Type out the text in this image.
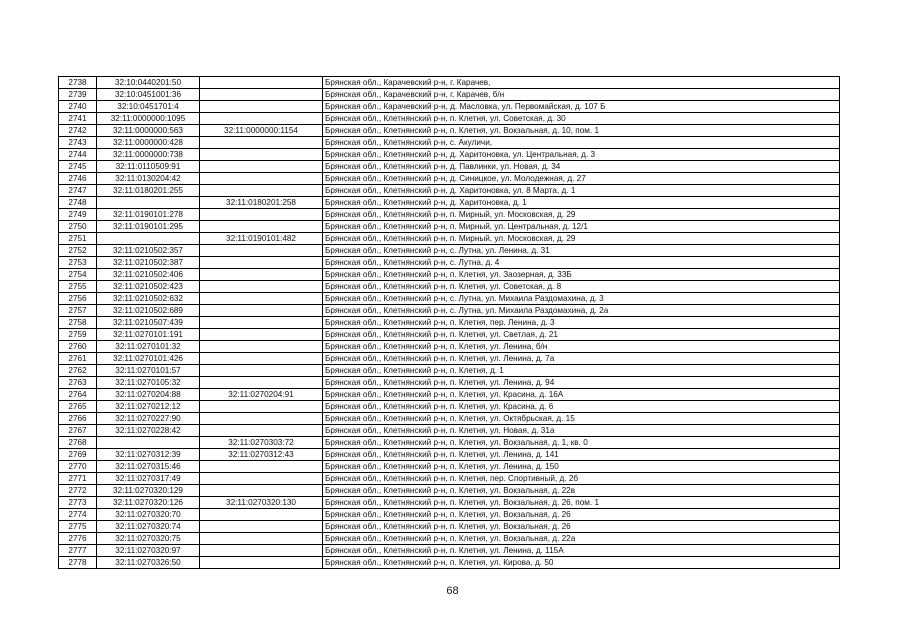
2738	32:10:0440201:50		Брянская обл., Карачевский р-н, г. Карачев,
2739	32:10:0451001:36		Брянская обл., Карачевский р-н, г. Карачев, б/н
2740	32:10:0451701:4		Брянская обл., Карачевский р-н, д. Масловка, ул. Первомайская, д. 107 Б
2741	32:11:0000000:1095		Брянская обл., Клетнянский р-н, п. Клетня, ул. Советская, д. 30
2742	32:11:0000000:563	32:11:0000000:1154	Брянская обл., Клетнянский р-н, п. Клетня, ул. Вокзальная, д. 10, пом. 1
2743	32:11:0000000:428		Брянская обл., Клетнянский р-н, с. Акуличи,
2744	32:11:0000000:738		Брянская обл., Клетнянский р-н, д. Харитоновка, ул. Центральная, д. 3
2745	32:11:0110509:91		Брянская обл., Клетнянский р-н, д. Павлинки, ул. Новая, д. 34
2746	32:11:0130204:42		Брянская обл., Клетнянский р-н, д. Синицкое, ул. Молодежная, д. 27
2747	32:11:0180201:255		Брянская обл., Клетнянский р-н, д. Харитоновка, ул. 8 Марта, д. 1
2748		32:11:0180201:258	Брянская обл., Клетнянский р-н, д. Харитоновка, д. 1
2749	32:11:0190101:278		Брянская обл., Клетнянский р-н, п. Мирный, ул. Московская, д. 29
2750	32:11:0190101:295		Брянская обл., Клетнянский р-н, п. Мирный, ул. Центральная, д. 12/1
2751		32:11:0190101:482	Брянская обл., Клетнянский р-н, п. Мирный, ул. Московская, д. 29
2752	32:11:0210502:357		Брянская обл., Клетнянский р-н, с. Лутна, ул. Ленина, д. 31
2753	32:11:0210502:387		Брянская обл., Клетнянский р-н, с. Лутна, д. 4
2754	32:11:0210502:406		Брянская обл., Клетнянский р-н, п. Клетня, ул. Заозерная, д. 33Б
2755	32:11:0210502:423		Брянская обл., Клетнянский р-н, п. Клетня, ул. Советская, д. 8
2756	32:11:0210502:632		Брянская обл., Клетнянский р-н, с. Лутна, ул. Михаила Раздомахина, д. 3
2757	32:11:0210502:689		Брянская обл., Клетнянский р-н, с. Лутна, ул. Михаила Раздомахина, д. 2а
2758	32:11:0210507:439		Брянская обл., Клетнянский р-н, п. Клетня, пер. Ленина, д. 3
2759	32:11:0270101:191		Брянская обл., Клетнянский р-н, п. Клетня, ул. Светлая, д. 21
2760	32:11:0270101:32		Брянская обл., Клетнянский р-н, п. Клетня, ул. Ленина, б/н
2761	32:11:0270101:426		Брянская обл., Клетнянский р-н, п. Клетня, ул. Ленина, д. 7а
2762	32:11:0270101:57		Брянская обл., Клетнянский р-н, п. Клетня, д. 1
2763	32:11:0270105:32		Брянская обл., Клетнянский р-н, п. Клетня, ул. Ленина, д. 94
2764	32:11:0270204:88	32:11:0270204:91	Брянская обл., Клетнянский р-н, п. Клетня, ул. Красина, д. 16А
2765	32:11:0270212:12		Брянская обл., Клетнянский р-н, п. Клетня, ул. Красина, д. 6
2766	32:11:0270227:90		Брянская обл., Клетнянский р-н, п. Клетня, ул. Октябрьская, д. 15
2767	32:11:0270228:42		Брянская обл., Клетнянский р-н, п. Клетня, ул. Новая, д. 31а
2768		32:11:0270303:72	Брянская обл., Клетнянский р-н, п. Клетня, ул. Вокзальная, д. 1, кв. 0
2769	32:11:0270312:39	32:11:0270312:43	Брянская обл., Клетнянский р-н, п. Клетня, ул. Ленина, д. 141
2770	32:11:0270315:46		Брянская обл., Клетнянский р-н, п. Клетня, ул. Ленина, д. 150
2771	32:11:0270317:49		Брянская обл., Клетнянский р-н, п. Клетня, пер. Спортивный, д. 2б
2772	32:11:0270320:129		Брянская обл., Клетнянский р-н, п. Клетня, ул. Вокзальная, д. 22в
2773	32:11:0270320:126	32:11:0270320:130	Брянская обл., Клетнянский р-н, п. Клетня, ул. Вокзальная, д. 26, пом. 1
2774	32:11:0270320:70		Брянская обл., Клетнянский р-н, п. Клетня, ул. Вокзальная, д. 26
2775	32:11:0270320:74		Брянская обл., Клетнянский р-н, п. Клетня, ул. Вокзальная, д. 26
2776	32:11:0270320:75		Брянская обл., Клетнянский р-н, п. Клетня, ул. Вокзальная, д. 22а
2777	32:11:0270320:97		Брянская обл., Клетнянский р-н, п. Клетня, ул. Ленина, д. 115А
2778	32:11:0270326:50		Брянская обл., Клетнянский р-н, п. Клетня, ул. Кирова, д. 50
68
